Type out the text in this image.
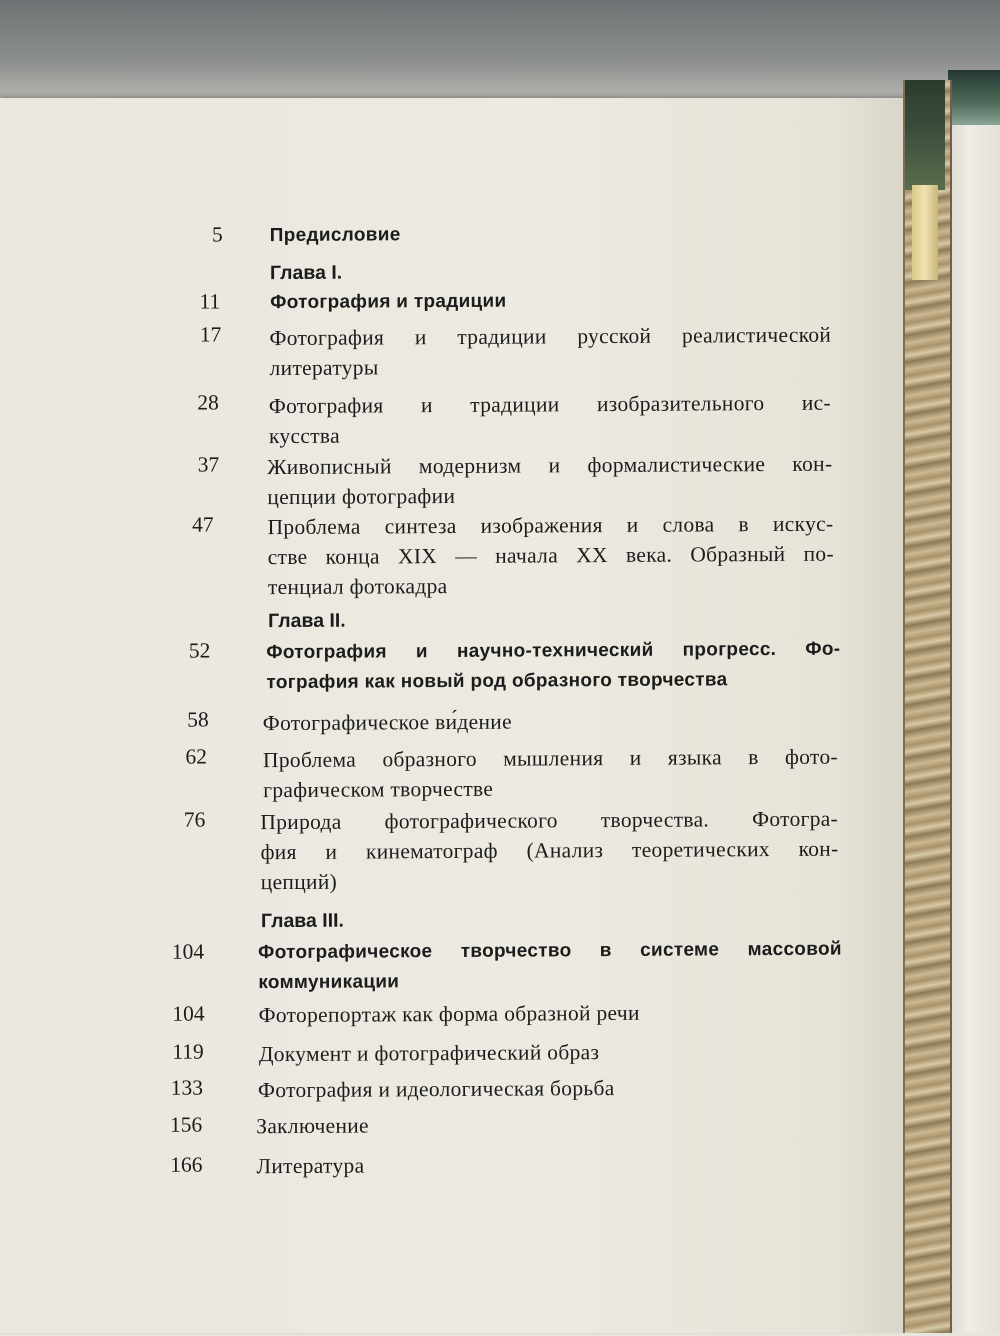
5 Предисловие
Глава I.
11	Фотография и традиции
17 Фотография и традиции русской реалистической
литературы
28 Фотография и традиции изобразительного ис-
кусства
37 Живописный модернизм и формалистические кон-
цепции фотографии
47	Проблема синтеза изображения и слова в искус-
стве конца XIX — начала XX века. Образный по-
тенциал фотокадра
Глава II.
52	Фотография и научно-технический прогресс. Фо-
тография как новый род образного творчества
58	Фотографическое ви́дение
62	Проблема образного мышления и языка в фото-
графическом творчестве
76	Природа фотографического творчества. Фотогра-
фия и кинематограф (Анализ теоретических кон-
цепций)
Глава III.
104	Фотографическое творчество в системе массовой
коммуникации
104	Фоторепортаж как форма образной речи
119	Документ и фотографический образ
133	Фотография и идеологическая борьба
156	Заключение
166	Литература
